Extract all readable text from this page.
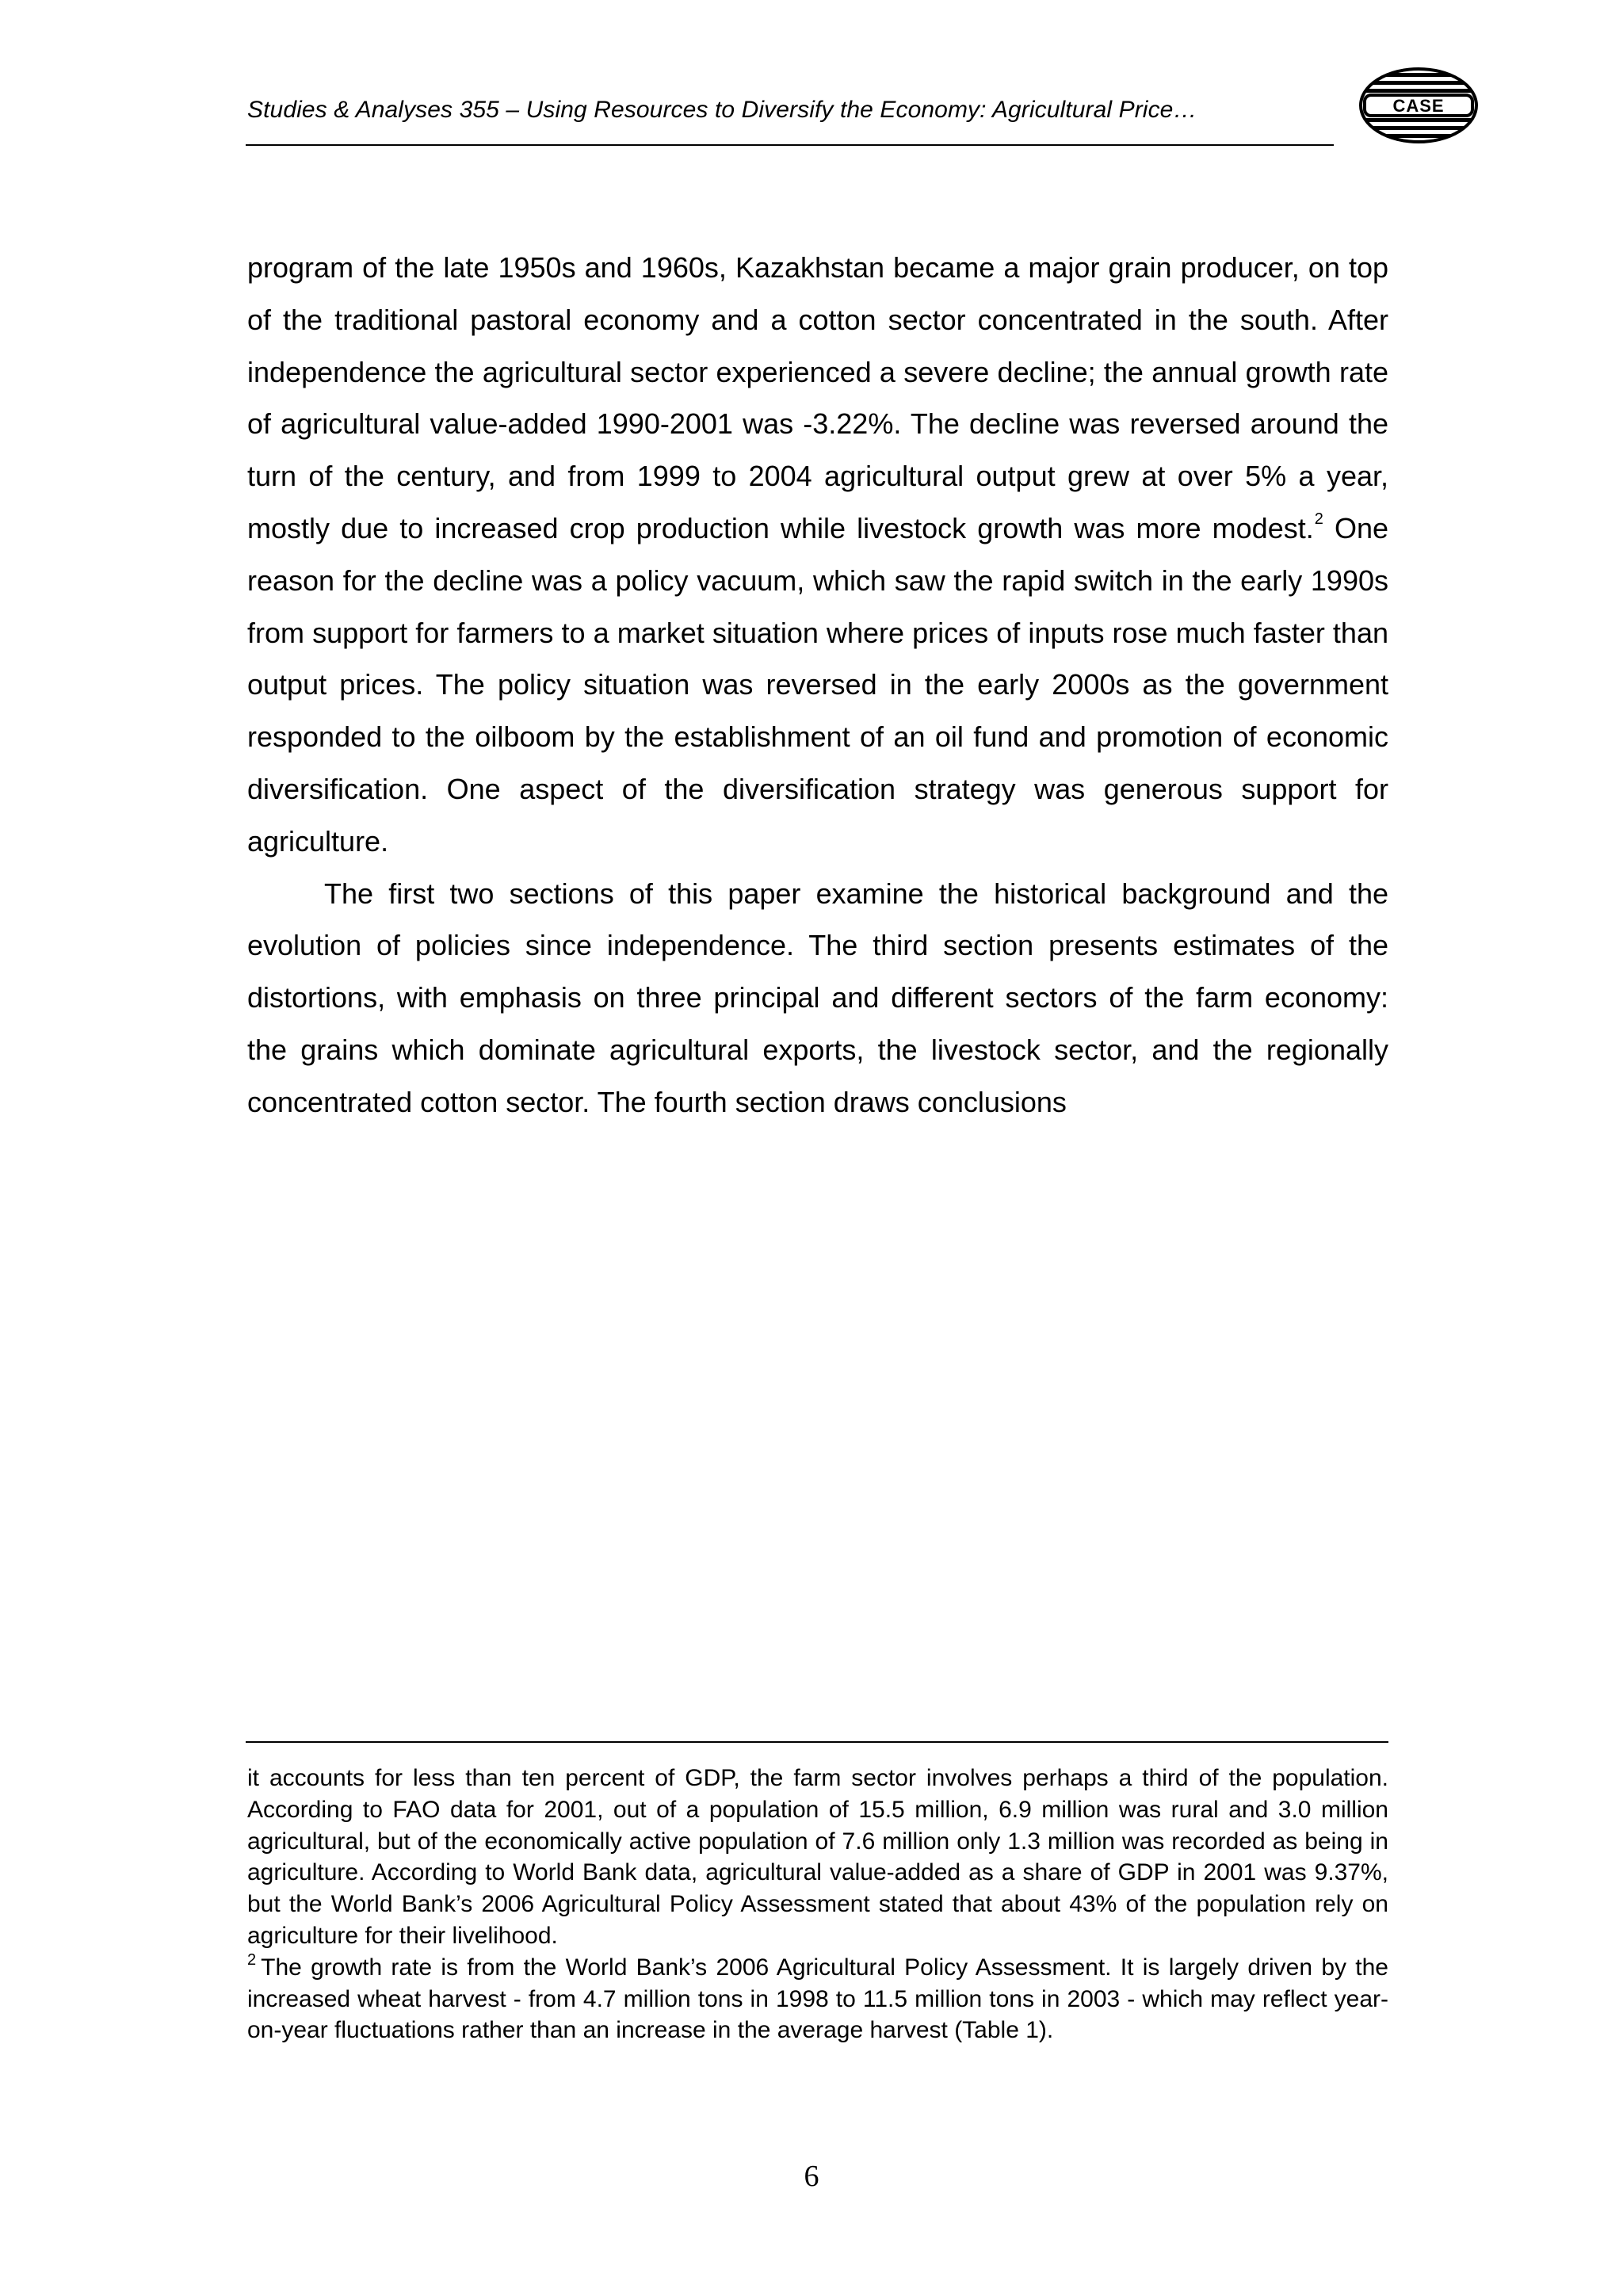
Studies & Analyses 355 – Using Resources to Diversify the Economy: Agricultural Price…	CASE

program of the late 1950s and 1960s, Kazakhstan became a major grain producer, on top of the traditional pastoral economy and a cotton sector concentrated in the south. After independence the agricultural sector experienced a severe decline; the annual growth rate of agricultural value-added 1990-2001 was -3.22%. The decline was reversed around the turn of the century, and from 1999 to 2004 agricultural output grew at over 5% a year, mostly due to increased crop production while livestock growth was more modest.$^2$ One reason for the decline was a policy vacuum, which saw the rapid switch in the early 1990s from support for farmers to a market situation where prices of inputs rose much faster than output prices. The policy situation was reversed in the early 2000s as the government responded to the oilboom by the establishment of an oil fund and promotion of economic diversification. One aspect of the diversification strategy was generous support for agriculture.

The first two sections of this paper examine the historical background and the evolution of policies since independence. The third section presents estimates of the distortions, with emphasis on three principal and different sectors of the farm economy: the grains which dominate agricultural exports, the livestock sector, and the regionally concentrated cotton sector. The fourth section draws conclusions

it accounts for less than ten percent of GDP, the farm sector involves perhaps a third of the population. According to FAO data for 2001, out of a population of 15.5 million, 6.9 million was rural and 3.0 million agricultural, but of the economically active population of 7.6 million only 1.3 million was recorded as being in agriculture. According to World Bank data, agricultural value-added as a share of GDP in 2001 was 9.37%, but the World Bank’s 2006 Agricultural Policy Assessment stated that about 43% of the population rely on agriculture for their livelihood.

$^2$ The growth rate is from the World Bank’s 2006 Agricultural Policy Assessment. It is largely driven by the increased wheat harvest - from 4.7 million tons in 1998 to 11.5 million tons in 2003 - which may reflect year-on-year fluctuations rather than an increase in the average harvest (Table 1).

6
